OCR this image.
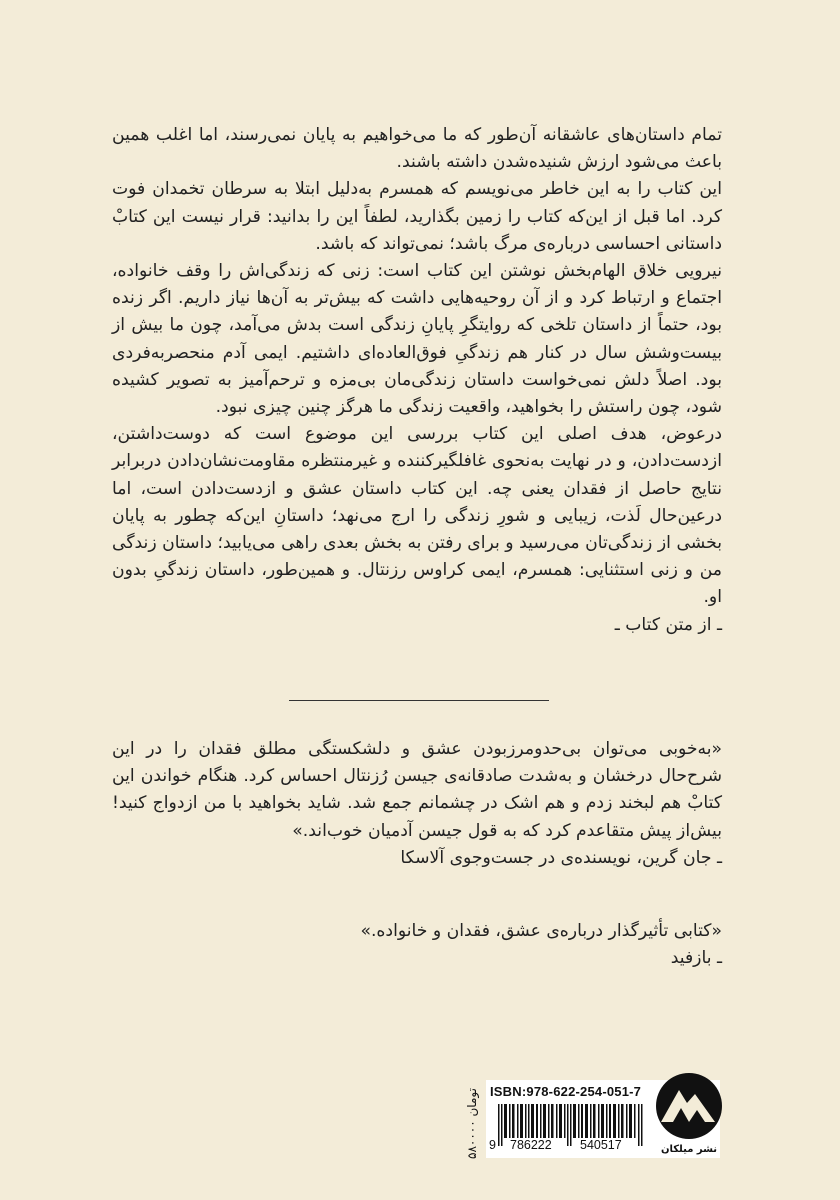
تمام داستان‌های عاشقانه آن‌طور که ما می‌خواهیم به پایان نمی‌رسند، اما اغلب همین باعث می‌شود ارزش شنیده‌شدن داشته باشند.

این کتاب را به این خاطر می‌نویسم که همسرم به‌دلیل ابتلا به سرطان تخمدان فوت کرد. اما قبل از این‌که کتاب را زمین بگذارید، لطفاً این را بدانید: قرار نیست این کتابْ داستانی احساسی درباره‌ی مرگ باشد؛ نمی‌تواند که باشد.

نیرویی خلاق الهام‌بخش نوشتن این کتاب است: زنی که زندگی‌اش را وقف خانواده، اجتماع و ارتباط کرد و از آن روحیه‌هایی داشت که بیش‌تر به آن‌ها نیاز داریم. اگر زنده بود، حتماً از داستان تلخی که روایتگرِ پایانِ زندگی است بدش می‌آمد، چون ما بیش از بیست‌وشش سال در کنار هم زندگیِ فوق‌العاده‌ای داشتیم. ایمی آدم منحصربه‌فردی بود. اصلاً دلش نمی‌خواست داستان زندگی‌مان بی‌مزه و ترحم‌آمیز به تصویر کشیده شود، چون راستش را بخواهید، واقعیت زندگی ما هرگز چنین چیزی نبود.

درعوض، هدف اصلی این کتاب بررسی این موضوع است که دوست‌داشتن، ازدست‌دادن، و در نهایت به‌نحوی غافلگیرکننده و غیرمنتظره مقاومت‌نشان‌دادن دربرابر نتایج حاصل از فقدان یعنی چه. این کتاب داستان عشق و ازدست‌دادن است، اما درعین‌حال لَذت، زیبایی و شورِ زندگی را ارج می‌نهد؛ داستانِ این‌که چطور به پایان بخشی از زندگی‌تان می‌رسید و برای رفتن به بخش بعدی راهی می‌یابید؛ داستان زندگی من و زنی استثنایی: همسرم، ایمی کراوس رزنتال. و همین‌طور، داستان زندگیِ بدون او.

ـ از متن کتاب ـ

«به‌خوبی می‌توان بی‌حدومرزبودن عشق و دلشکستگی مطلق فقدان را در این شرح‌حال درخشان و به‌شدت صادقانه‌ی جیسن رُزنتال احساس کرد. هنگام خواندن این کتابْ هم لبخند زدم و هم اشک در چشمانم جمع شد. شاید بخواهید با من ازدواج کنید! بیش‌از پیش متقاعدم کرد که به قول جیسن آدمیان خوب‌اند.»

ـ جان گرین، نویسنده‌ی در جست‌وجوی آلاسکا

«کتابی تأثیرگذار درباره‌ی عشق، فقدان و خانواده.»

ـ بازفید

ISBN:978-622-254-051-7
9 786222 540517
۵۸۰۰۰۰ تومان
نشر میلکان
